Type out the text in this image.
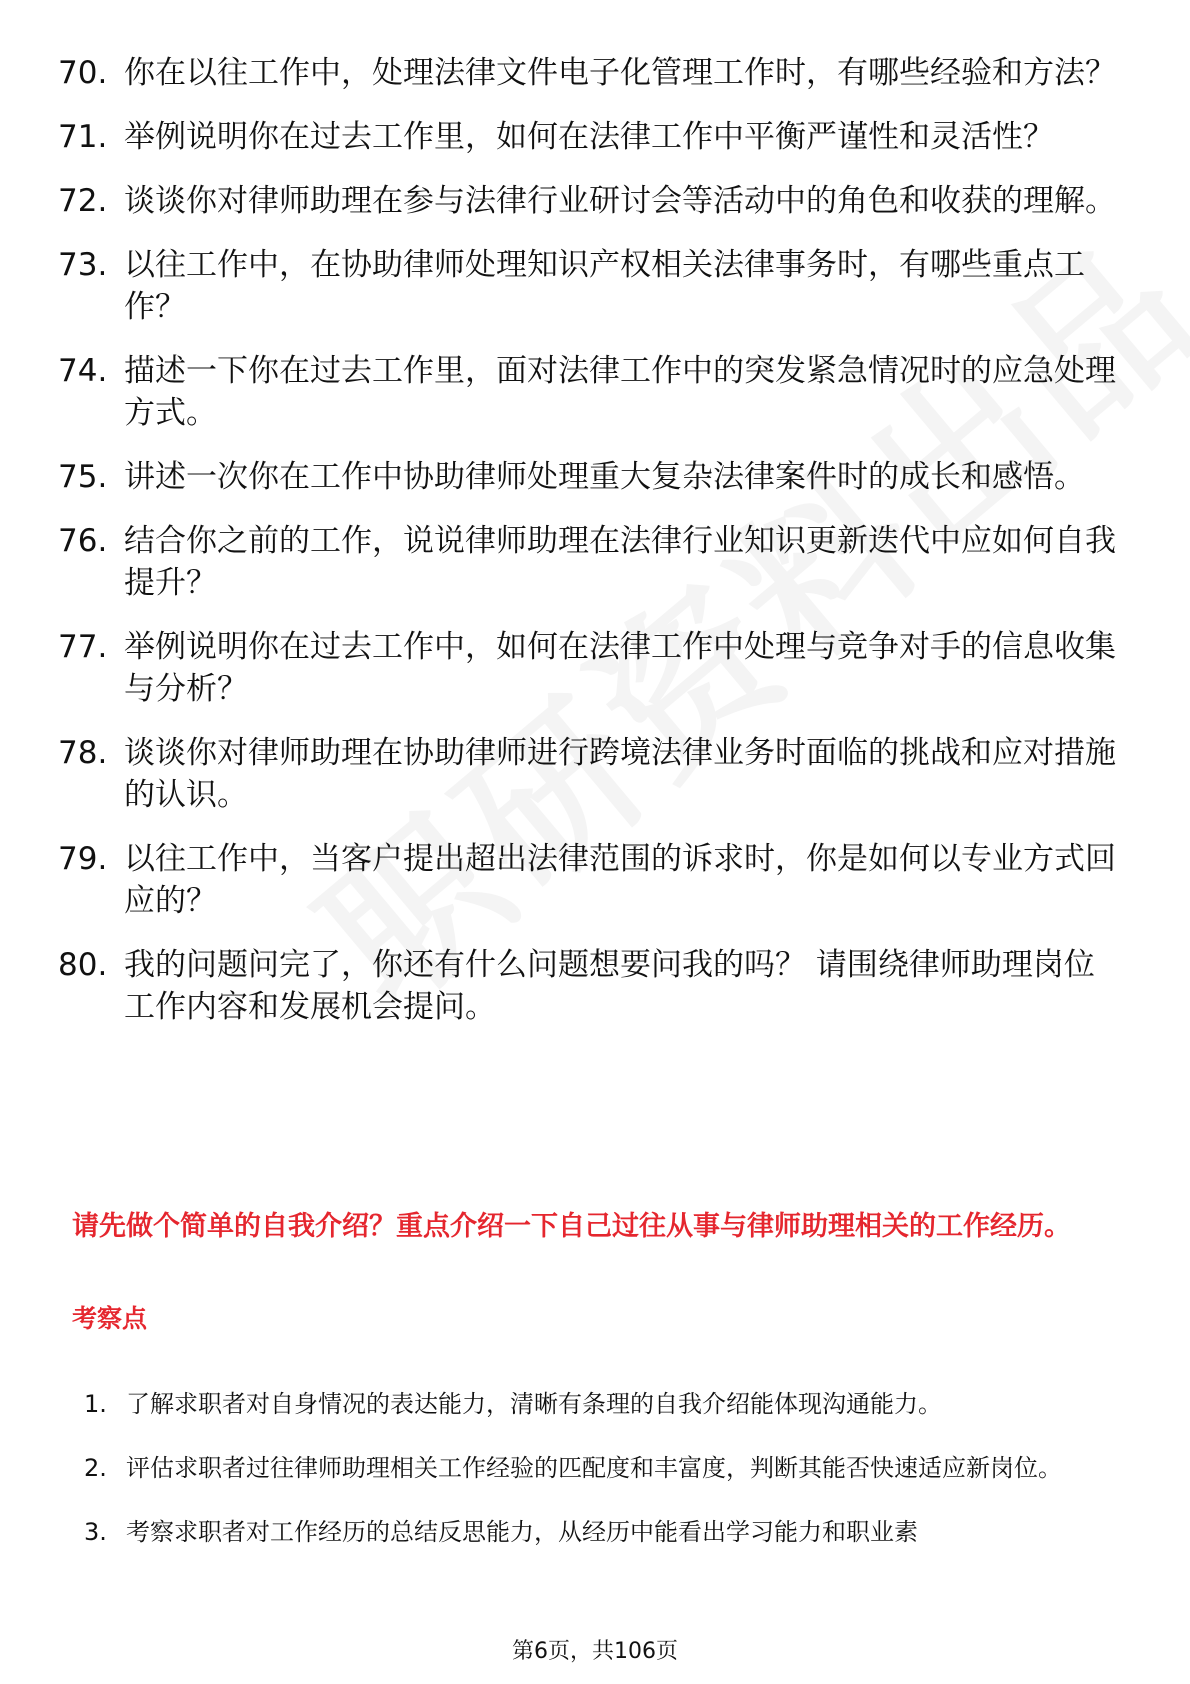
70. 你在以往工作中，处理法律文件电子化管理工作时，有哪些经验和方法？
71. 举例说明你在过去工作里，如何在法律工作中平衡严谨性和灵活性？
72. 谈谈你对律师助理在参与法律行业研讨会等活动中的角色和收获的理解。
73. 以往工作中，在协助律师处理知识产权相关法律事务时，有哪些重点工作？
74. 描述一下你在过去工作里，面对法律工作中的突发紧急情况时的应急处理方式。
75. 讲述一次你在工作中协助律师处理重大复杂法律案件时的成长和感悟。
76. 结合你之前的工作，说说律师助理在法律行业知识更新迭代中应如何自我提升？
77. 举例说明你在过去工作中，如何在法律工作中处理与竞争对手的信息收集与分析？
78. 谈谈你对律师助理在协助律师进行跨境法律业务时面临的挑战和应对措施的认识。
79. 以往工作中，当客户提出超出法律范围的诉求时，你是如何以专业方式回应的？
80. 我的问题问完了，你还有什么问题想要问我的吗？ 请围绕律师助理岗位工作内容和发展机会提问。
请先做个简单的自我介绍？重点介绍一下自己过往从事与律师助理相关的工作经历。
考察点
1. 了解求职者对自身情况的表达能力，清晰有条理的自我介绍能体现沟通能力。
2. 评估求职者过往律师助理相关工作经验的匹配度和丰富度，判断其能否快速适应新岗位。
3. 考察求职者对工作经历的总结反思能力，从经历中能看出学习能力和职业素
第6页，共106页
